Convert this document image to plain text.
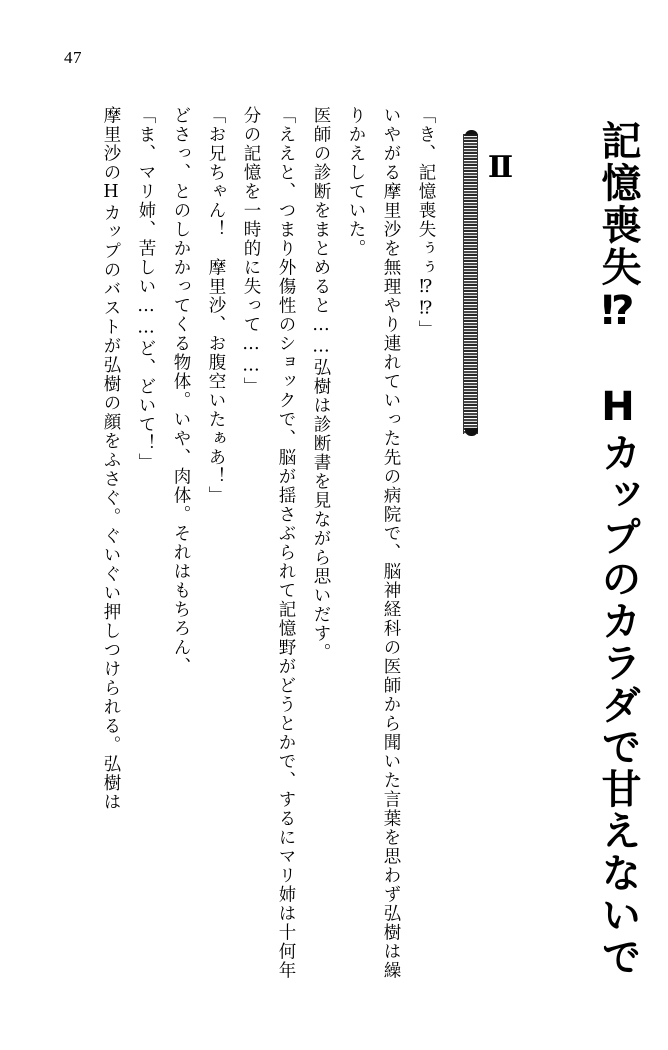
47
Ⅱ	記憶喪失⁉ Hカップのカラダで甘えないで

「き、記憶喪失ぅぅ⁉⁉」

いやがる摩里沙を無理やり連れていった先の病院で、脳神経科の医師から聞いた言葉を思わず弘樹は繰りかえしていた。

医師の診断をまとめると……弘樹は診断書を見ながら思いだす。

「ええと、つまり外傷性のショックで、脳が揺さぶられて記憶野がどうとかで、するにマリ姉は十何年分の記憶を一時的に失って……」

「お兄ちゃん！　摩里沙、お腹空いたぁあ！」

どさっ、とのしかかってくる物体。いや、肉体。それはもちろん、

「ま、マリ姉、苦しい……ど、どいて！」

摩里沙のHカップのバストが弘樹の顔をふさぐ。ぐいぐい押しつけられる。弘樹は
